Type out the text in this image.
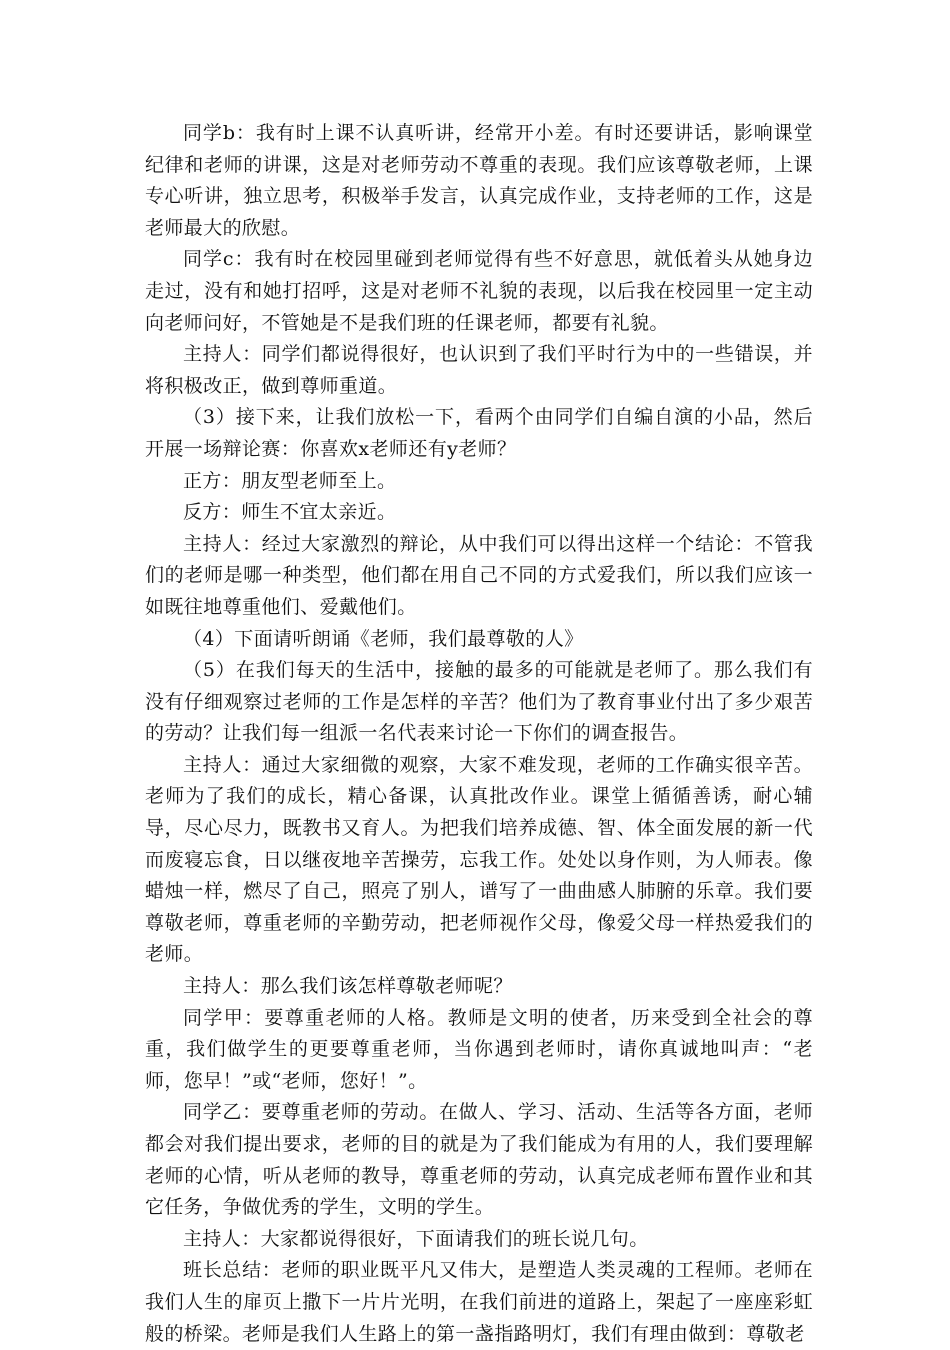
同学b：我有时上课不认真听讲，经常开小差。有时还要讲话，影响课堂纪律和老师的讲课，这是对老师劳动不尊重的表现。我们应该尊敬老师，上课专心听讲，独立思考，积极举手发言，认真完成作业，支持老师的工作，这是老师最大的欣慰。

同学c：我有时在校园里碰到老师觉得有些不好意思，就低着头从她身边走过，没有和她打招呼，这是对老师不礼貌的表现，以后我在校园里一定主动向老师问好，不管她是不是我们班的任课老师，都要有礼貌。

主持人：同学们都说得很好，也认识到了我们平时行为中的一些错误，并将积极改正，做到尊师重道。

（3）接下来，让我们放松一下，看两个由同学们自编自演的小品，然后开展一场辩论赛：你喜欢x老师还有y老师？

正方：朋友型老师至上。

反方：师生不宜太亲近。

主持人：经过大家激烈的辩论，从中我们可以得出这样一个结论：不管我们的老师是哪一种类型，他们都在用自己不同的方式爱我们，所以我们应该一如既往地尊重他们、爱戴他们。

（4）下面请听朗诵《老师，我们最尊敬的人》

（5）在我们每天的生活中，接触的最多的可能就是老师了。那么我们有没有仔细观察过老师的工作是怎样的辛苦？他们为了教育事业付出了多少艰苦的劳动？让我们每一组派一名代表来讨论一下你们的调查报告。

主持人：通过大家细微的观察，大家不难发现，老师的工作确实很辛苦。老师为了我们的成长，精心备课，认真批改作业。课堂上循循善诱，耐心辅导，尽心尽力，既教书又育人。为把我们培养成德、智、体全面发展的新一代而废寝忘食，日以继夜地辛苦操劳，忘我工作。处处以身作则，为人师表。像蜡烛一样，燃尽了自己，照亮了别人，谱写了一曲曲感人肺腑的乐章。我们要尊敬老师，尊重老师的辛勤劳动，把老师视作父母，像爱父母一样热爱我们的老师。

主持人：那么我们该怎样尊敬老师呢？

同学甲：要尊重老师的人格。教师是文明的使者，历来受到全社会的尊重，我们做学生的更要尊重老师，当你遇到老师时，请你真诚地叫声：“老师，您早！”或“老师，您好！”。

同学乙：要尊重老师的劳动。在做人、学习、活动、生活等各方面，老师都会对我们提出要求，老师的目的就是为了我们能成为有用的人，我们要理解老师的心情，听从老师的教导，尊重老师的劳动，认真完成老师布置作业和其它任务，争做优秀的学生，文明的学生。

主持人：大家都说得很好，下面请我们的班长说几句。

班长总结：老师的职业既平凡又伟大，是塑造人类灵魂的工程师。老师在我们人生的扉页上撒下一片片光明，在我们前进的道路上，架起了一座座彩虹般的桥梁。老师是我们人生路上的第一盏指路明灯，我们有理由做到：尊敬老
